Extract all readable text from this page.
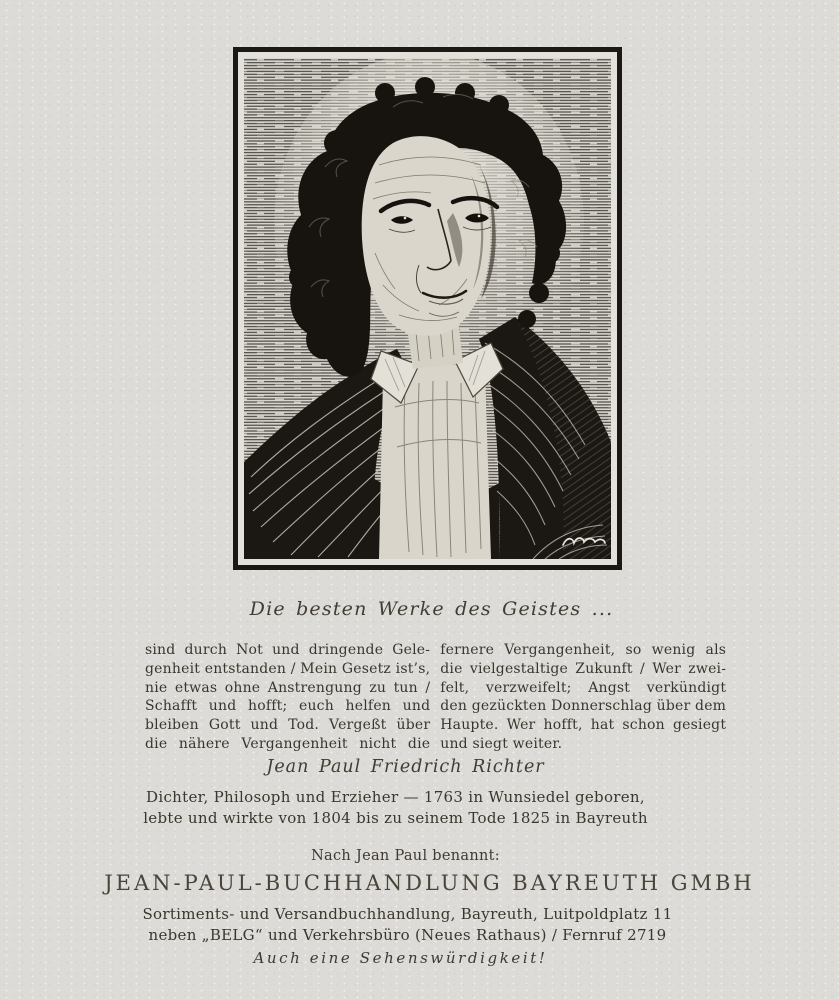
Die besten Werke des Geistes ...
sind durch Not und dringende Gele-
genheit entstanden / Mein Gesetz ist’s,
nie etwas ohne Anstrengung zu tun /
Schafft und hofft; euch helfen und
bleiben Gott und Tod. Vergeßt über
die nähere Vergangenheit nicht die
fernere Vergangenheit, so wenig als
die vielgestaltige Zukunft / Wer zwei-
felt, verzweifelt; Angst verkündigt
den gezückten Donnerschlag über dem
Haupte. Wer hofft, hat schon gesiegt
und siegt weiter.
Jean Paul Friedrich Richter
Dichter, Philosoph und Erzieher — 1763 in Wunsiedel geboren,
lebte und wirkte von 1804 bis zu seinem Tode 1825 in Bayreuth
Nach Jean Paul benannt:
JEAN-PAUL-BUCHHANDLUNG BAYREUTH GMBH
Sortiments- und Versandbuchhandlung, Bayreuth, Luitpoldplatz 11
neben „BELG“ und Verkehrsbüro (Neues Rathaus) / Fernruf 2719
Auch eine Sehenswürdigkeit!
